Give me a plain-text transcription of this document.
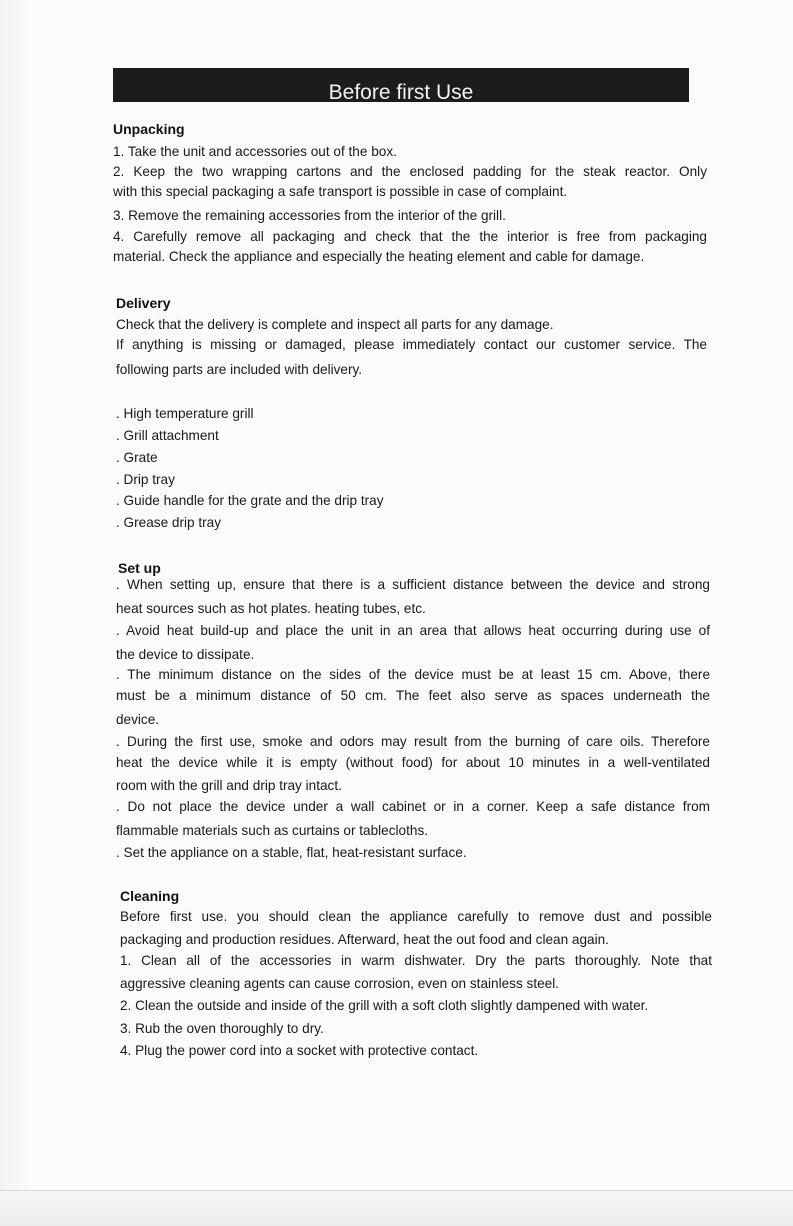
Before first Use
Unpacking
1. Take the unit and accessories out of the box.
2. Keep the two wrapping cartons and the enclosed padding for the steak reactor. Only
with this special packaging a safe transport is possible in case of complaint.
3. Remove the remaining accessories from the interior of the grill.
4. Carefully remove all packaging and check that the the interior is free from packaging
material. Check the appliance and especially the heating element and cable for damage.
Delivery
Check that the delivery is complete and inspect all parts for any damage.
If anything is missing or damaged, please immediately contact our customer service. The
following parts are included with delivery.
. High temperature grill
. Grill attachment
. Grate
. Drip tray
. Guide handle for the grate and the drip tray
. Grease drip tray
Set up
. When setting up, ensure that there is a sufficient distance between the device and strong
heat sources such as hot plates. heating tubes, etc.
. Avoid heat build-up and place the unit in an area that allows heat occurring during use of
the device to dissipate.
. The minimum distance on the sides of the device must be at least 15 cm. Above, there
must be a minimum distance of 50 cm. The feet also serve as spaces underneath the
device.
. During the first use, smoke and odors may result from the burning of care oils. Therefore
heat the device while it is empty (without food) for about 10 minutes in a well-ventilated
room with the grill and drip tray intact.
. Do not place the device under a wall cabinet or in a corner. Keep a safe distance from
flammable materials such as curtains or tablecloths.
. Set the appliance on a stable, flat, heat-resistant surface.
Cleaning
Before first use. you should clean the appliance carefully to remove dust and possible
packaging and production residues. Afterward, heat the out food and clean again.
1. Clean all of the accessories in warm dishwater. Dry the parts thoroughly. Note that
aggressive cleaning agents can cause corrosion, even on stainless steel.
2. Clean the outside and inside of the grill with a soft cloth slightly dampened with water.
3. Rub the oven thoroughly to dry.
4. Plug the power cord into a socket with protective contact.
